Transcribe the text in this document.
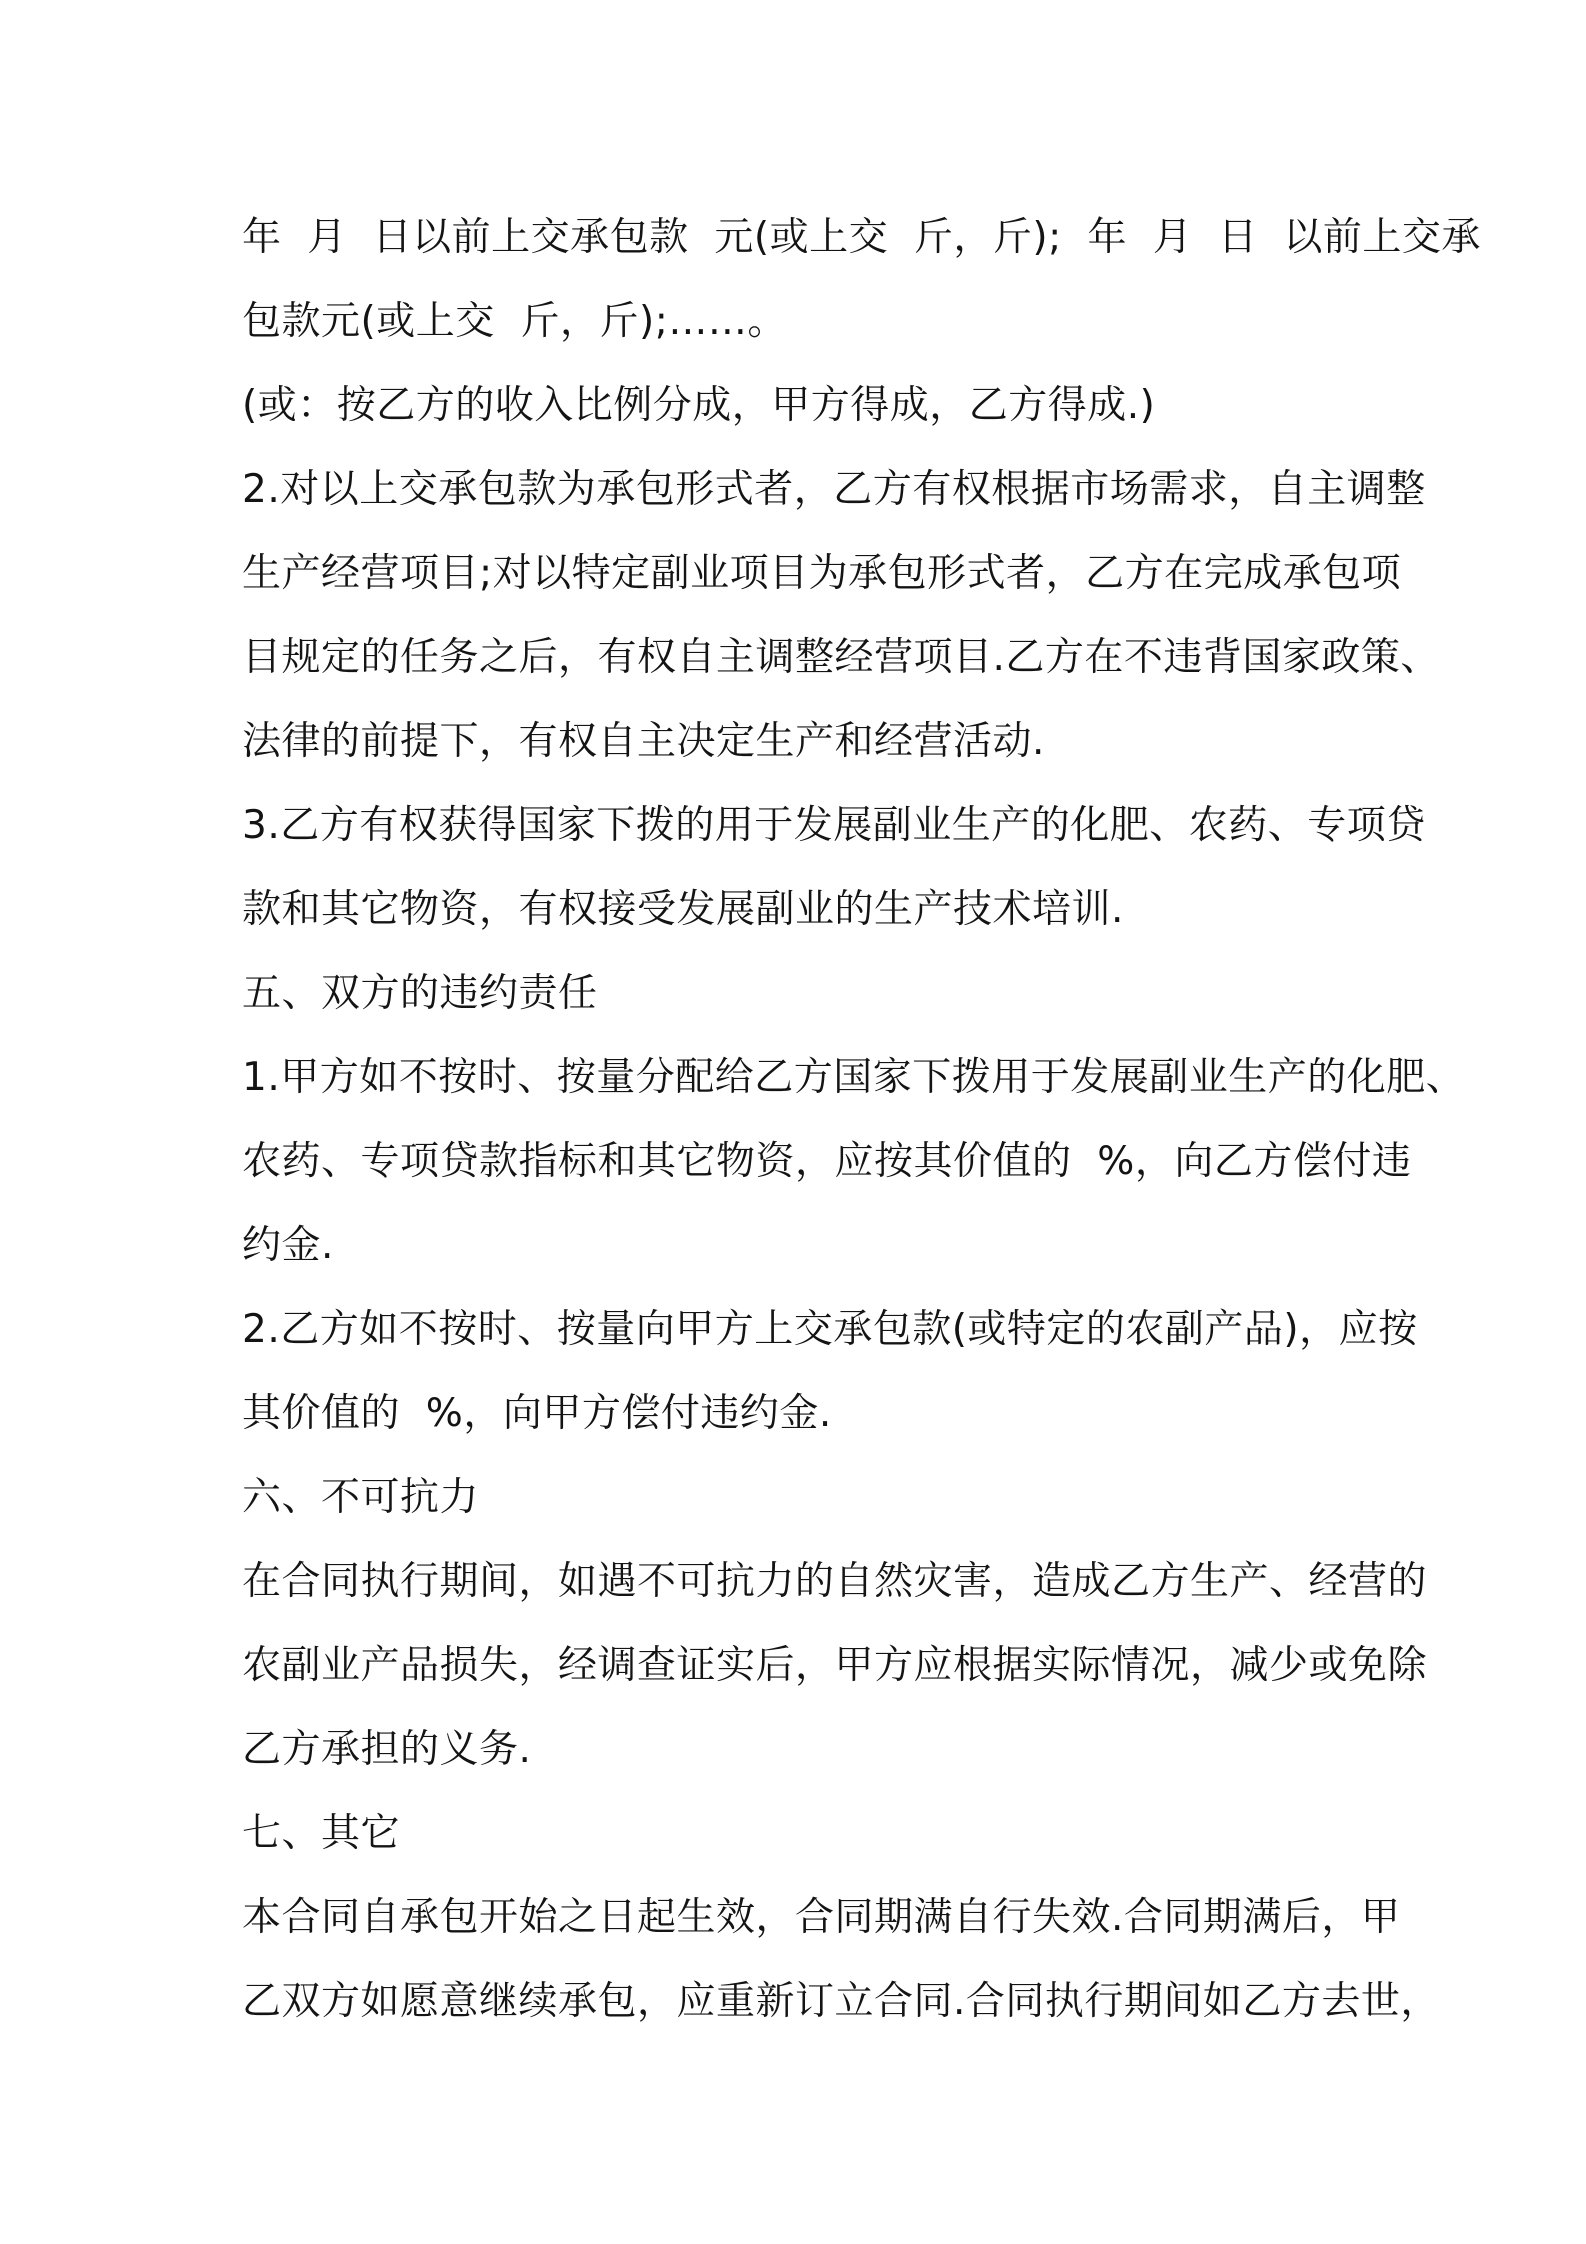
年  月  日以前上交承包款  元(或上交  斤，斤);  年  月  日  以前上交承
包款元(或上交  斤，斤);……。
(或：按乙方的收入比例分成，甲方得成，乙方得成.)
2.对以上交承包款为承包形式者，乙方有权根据市场需求，自主调整
生产经营项目;对以特定副业项目为承包形式者，乙方在完成承包项
目规定的任务之后，有权自主调整经营项目.乙方在不违背国家政策、
法律的前提下，有权自主决定生产和经营活动.
3.乙方有权获得国家下拨的用于发展副业生产的化肥、农药、专项贷
款和其它物资，有权接受发展副业的生产技术培训.
五、双方的违约责任
1.甲方如不按时、按量分配给乙方国家下拨用于发展副业生产的化肥、
农药、专项贷款指标和其它物资，应按其价值的  %，向乙方偿付违
约金.
2.乙方如不按时、按量向甲方上交承包款(或特定的农副产品)，应按
其价值的  %，向甲方偿付违约金.
六、不可抗力
在合同执行期间，如遇不可抗力的自然灾害，造成乙方生产、经营的
农副业产品损失，经调查证实后，甲方应根据实际情况，减少或免除
乙方承担的义务.
七、其它
本合同自承包开始之日起生效，合同期满自行失效.合同期满后，甲
乙双方如愿意继续承包，应重新订立合同.合同执行期间如乙方去世，
